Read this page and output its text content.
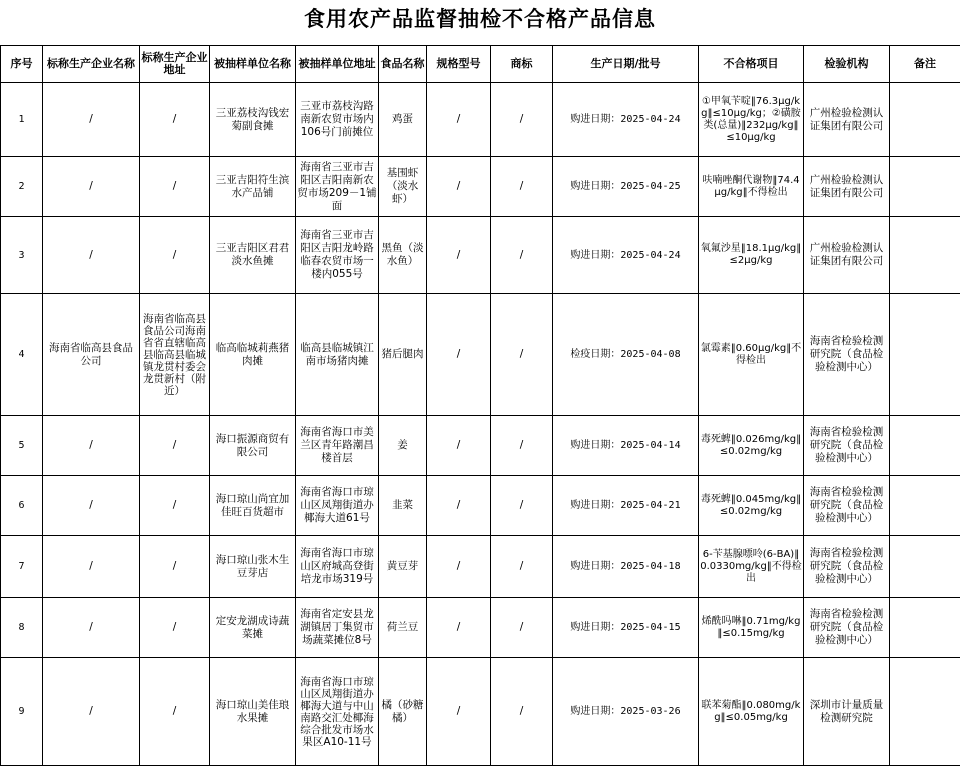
食用农产品监督抽检不合格产品信息
序号	标称生产企业名称	标称生产企业地址	被抽样单位名称	被抽样单位地址	食品名称	规格型号	商标	生产日期/批号	不合格项目	检验机构	备注
1	/	/	三亚荔枝沟钱宏菊副食摊	三亚市荔枝沟路南新农贸市场内106号门前摊位	鸡蛋	/	/	购进日期：2025-04-24	①甲氧苄啶‖76.3μg/kg‖≤10μg/kg；②磺胺类(总量)‖232μg/kg‖≤10μg/kg	广州检验检测认证集团有限公司	
2	/	/	三亚吉阳符生滨水产品铺	海南省三亚市吉阳区吉阳南新农贸市场209－1铺面	基围虾（淡水虾）	/	/	购进日期：2025-04-25	呋喃唑酮代谢物‖74.4μg/kg‖不得检出	广州检验检测认证集团有限公司	
3	/	/	三亚吉阳区君君淡水鱼摊	海南省三亚市吉阳区吉阳龙岭路临春农贸市场一楼内055号	黑鱼（淡水鱼）	/	/	购进日期：2025-04-24	氧氟沙星‖18.1μg/kg‖≤2μg/kg	广州检验检测认证集团有限公司	
4	海南省临高县食品公司	海南省临高县食品公司海南省省直辖临高县临高县临城镇龙贯村委会龙贯新村（附近）	临高临城莉燕猪肉摊	临高县临城镇江南市场猪肉摊	猪后腿肉	/	/	检疫日期：2025-04-08	氯霉素‖0.60μg/kg‖不得检出	海南省检验检测研究院（食品检验检测中心）	
5	/	/	海口振源商贸有限公司	海南省海口市美兰区青年路潮昌楼首层	姜	/	/	购进日期：2025-04-14	毒死蜱‖0.026mg/kg‖≤0.02mg/kg	海南省检验检测研究院（食品检验检测中心）	
6	/	/	海口琼山尚宜加佳旺百货超市	海南省海口市琼山区凤翔街道办椰海大道61号	韭菜	/	/	购进日期：2025-04-21	毒死蜱‖0.045mg/kg‖≤0.02mg/kg	海南省检验检测研究院（食品检验检测中心）	
7	/	/	海口琼山张木生豆芽店	海南省海口市琼山区府城高登街培龙市场319号	黄豆芽	/	/	购进日期：2025-04-18	6-苄基腺嘌呤(6-BA)‖0.0330mg/kg‖不得检出	海南省检验检测研究院（食品检验检测中心）	
8	/	/	定安龙湖成诗蔬菜摊	海南省定安县龙湖镇居丁集贸市场蔬菜摊位8号	荷兰豆	/	/	购进日期：2025-04-15	烯酰吗啉‖0.71mg/kg‖≤0.15mg/kg	海南省检验检测研究院（食品检验检测中心）	
9	/	/	海口琼山美佳琅水果摊	海南省海口市琼山区凤翔街道办椰海大道与中山南路交汇处椰海综合批发市场水果区A10-11号	橘（砂糖橘）	/	/	购进日期：2025-03-26	联苯菊酯‖0.080mg/kg‖≤0.05mg/kg	深圳市计量质量检测研究院	
